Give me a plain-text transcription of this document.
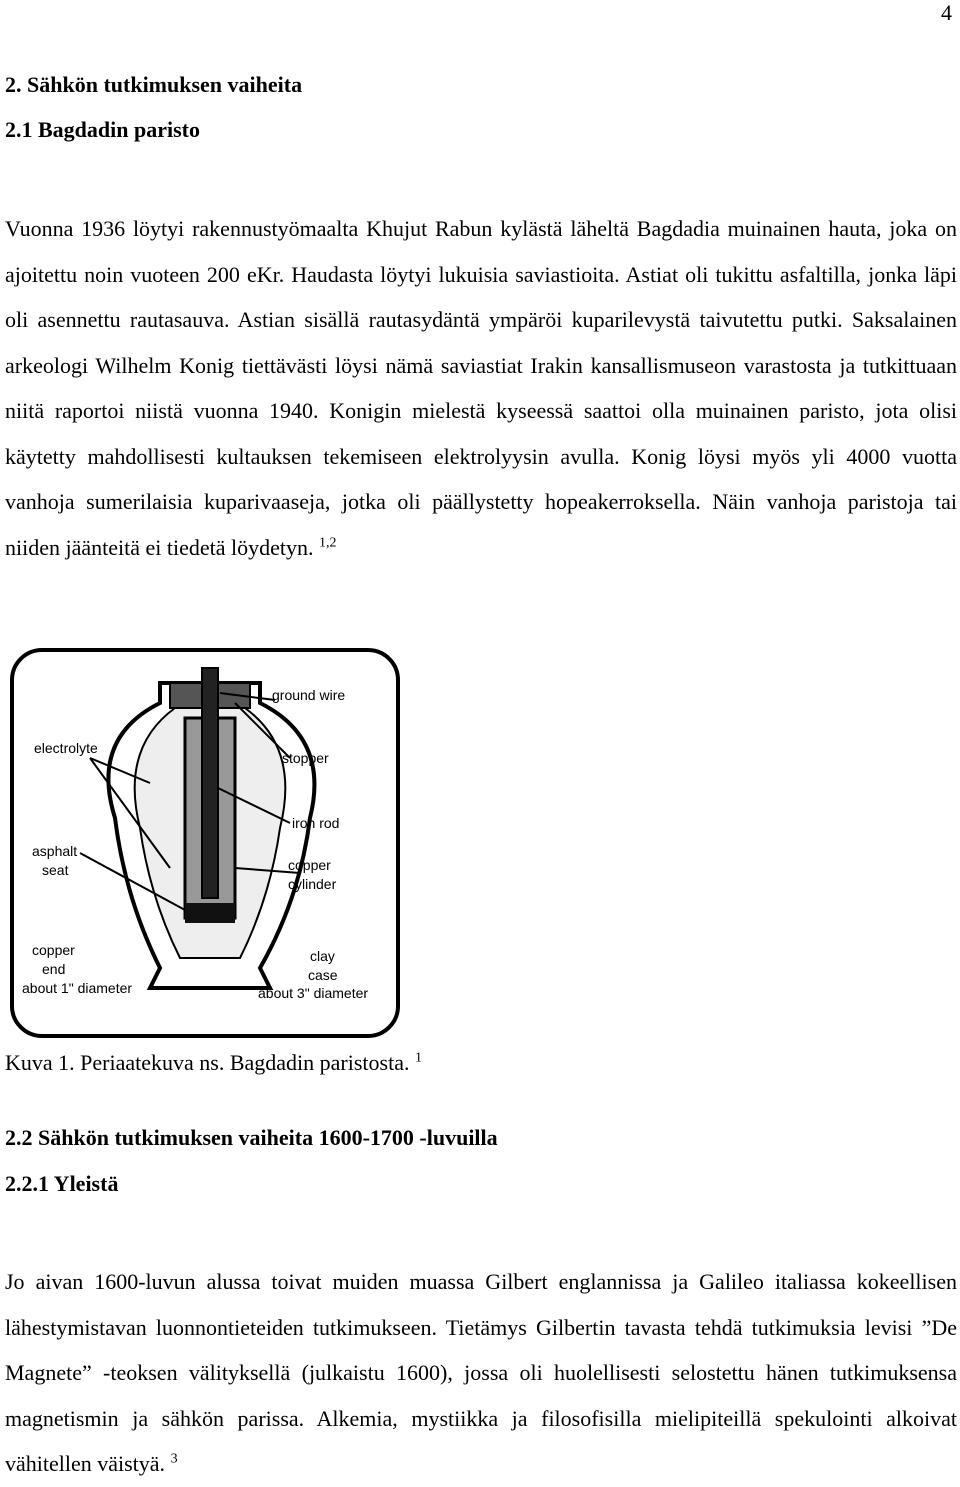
4
2. Sähkön tutkimuksen vaiheita
2.1 Bagdadin paristo

Vuonna 1936 löytyi rakennustyömaalta Khujut Rabun kylästä läheltä Bagdadia muinainen hauta, joka on ajoitettu noin vuoteen 200 eKr. Haudasta löytyi lukuisia saviastioita. Astiat oli tukittu asfaltilla, jonka läpi oli asennettu rautasauva. Astian sisällä rautasydäntä ympäröi kuparilevystä taivutettu putki. Saksalainen arkeologi Wilhelm Konig tiettävästi löysi nämä saviastiat Irakin kansallismuseon varastosta ja tutkittuaan niitä raportoi niistä vuonna 1940. Konigin mielestä kyseessä saattoi olla muinainen paristo, jota olisi käytetty mahdollisesti kultauksen tekemiseen elektrolyysin avulla. Konig löysi myös yli 4000 vuotta vanhoja sumerilaisia kuparivaaseja, jotka oli päällystetty hopeakerroksella. Näin vanhoja paristoja tai niiden jäänteitä ei tiedetä löydetyn. $^{1,2}$

ground wire
electrolyte
stopper
iron rod
asphalt
seat	copper
cylinder
copper
end
about 1" diameter
clay
case
about 3" diameter

Kuva 1. Periaatekuva ns. Bagdadin paristosta. $^1$

2.2 Sähkön tutkimuksen vaiheita 1600-1700 -luvuilla
2.2.1 Yleistä

Jo aivan 1600-luvun alussa toivat muiden muassa Gilbert englannissa ja Galileo italiassa kokeellisen lähestymistavan luonnontieteiden tutkimukseen. Tietämys Gilbertin tavasta tehdä tutkimuksia levisi ”De Magnete” -teoksen välityksellä (julkaistu 1600), jossa oli huolellisesti selostettu hänen tutkimuksensa magnetismin ja sähkön parissa. Alkemia, mystiikka ja filosofisilla mielipiteillä spekulointi alkoivat vähitellen väistyä. $^3$
